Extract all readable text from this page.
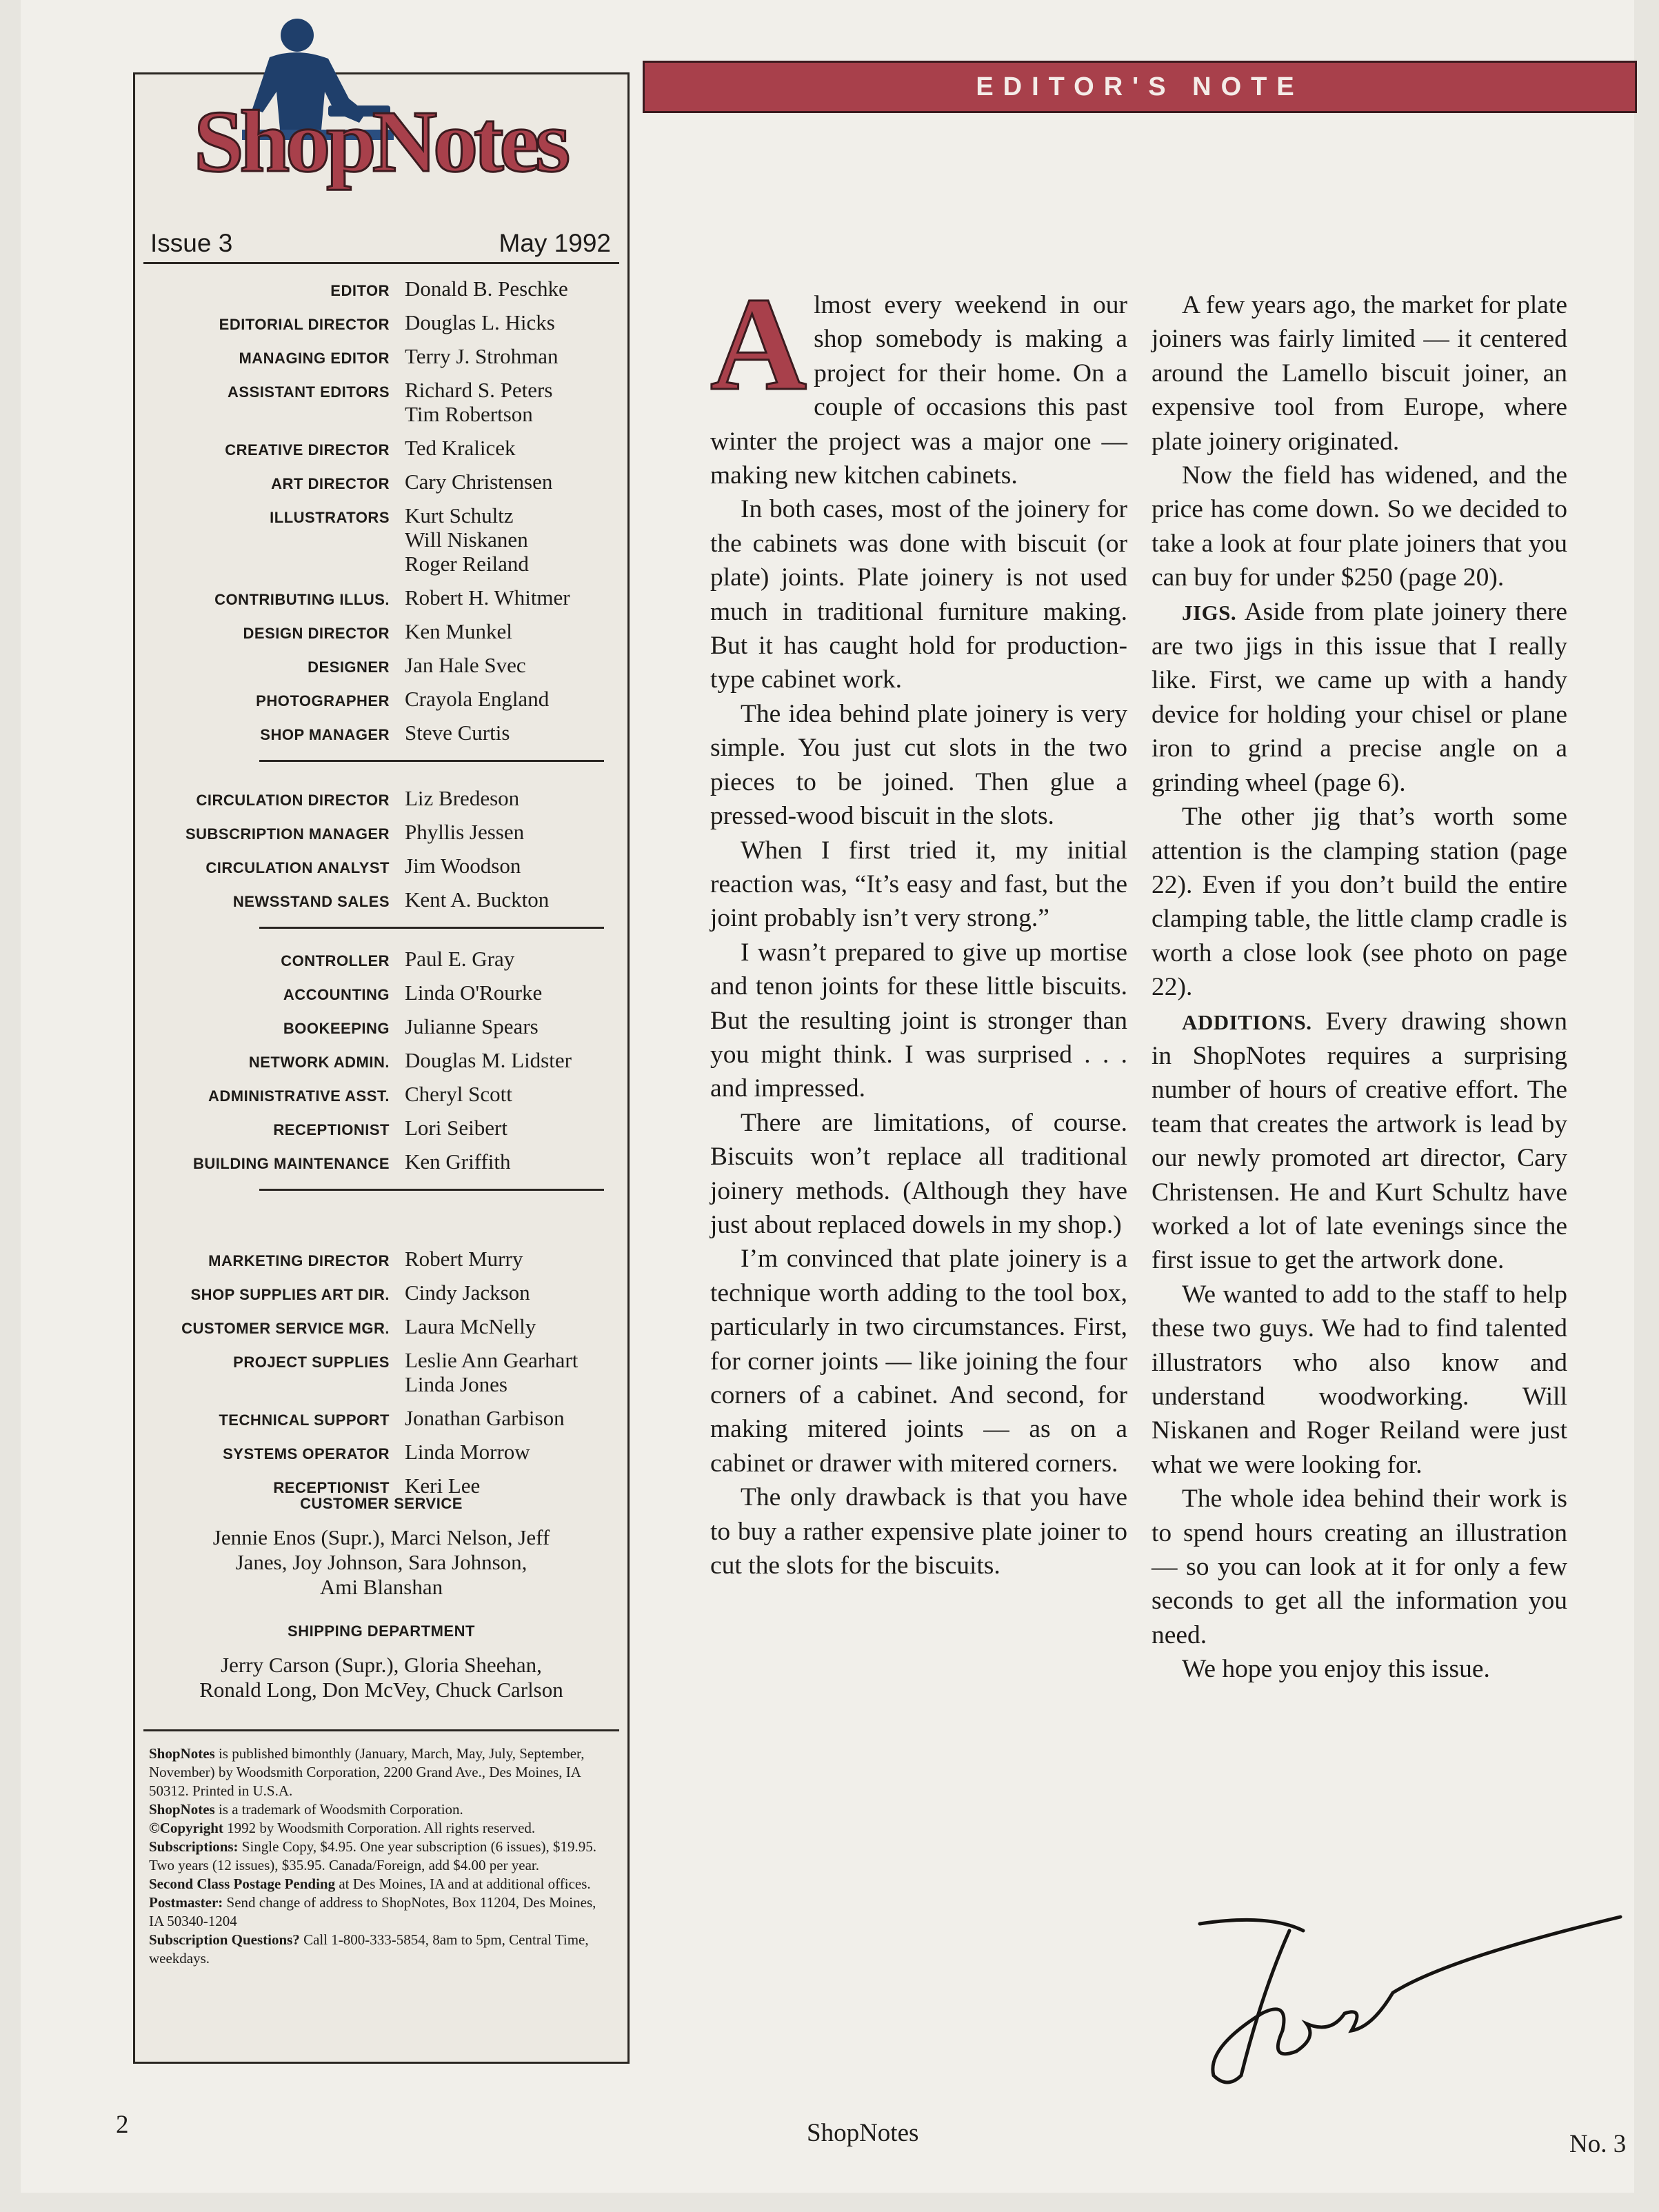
ShopNotes
Issue 3	May 1992
EDITOR Donald B. Peschke
EDITORIAL DIRECTOR Douglas L. Hicks
MANAGING EDITOR Terry J. Strohman
ASSISTANT EDITORS Richard S. Peters
Tim Robertson
CREATIVE DIRECTOR Ted Kralicek
ART DIRECTOR Cary Christensen
ILLUSTRATORS Kurt Schultz
Will Niskanen
Roger Reiland
CONTRIBUTING ILLUS. Robert H. Whitmer
DESIGN DIRECTOR Ken Munkel
DESIGNER Jan Hale Svec
PHOTOGRAPHER Crayola England
SHOP MANAGER Steve Curtis
CIRCULATION DIRECTOR Liz Bredeson
SUBSCRIPTION MANAGER Phyllis Jessen
CIRCULATION ANALYST Jim Woodson
NEWSSTAND SALES Kent A. Buckton
CONTROLLER Paul E. Gray
ACCOUNTING Linda O'Rourke
BOOKEEPING Julianne Spears
NETWORK ADMIN. Douglas M. Lidster
ADMINISTRATIVE ASST. Cheryl Scott
RECEPTIONIST Lori Seibert
BUILDING MAINTENANCE Ken Griffith
MARKETING DIRECTOR Robert Murry
SHOP SUPPLIES ART DIR. Cindy Jackson
CUSTOMER SERVICE MGR. Laura McNelly
PROJECT SUPPLIES Leslie Ann Gearhart
Linda Jones
TECHNICAL SUPPORT Jonathan Garbison
SYSTEMS OPERATOR Linda Morrow
RECEPTIONIST Keri Lee
CUSTOMER SERVICE
Jennie Enos (Supr.), Marci Nelson, Jeff
Janes, Joy Johnson, Sara Johnson,
Ami Blanshan
SHIPPING DEPARTMENT
Jerry Carson (Supr.), Gloria Sheehan,
Ronald Long, Don McVey, Chuck Carlson
ShopNotes is published bimonthly (January, March, May, July, September, November) by Woodsmith Corporation, 2200 Grand Ave., Des Moines, IA 50312. Printed in U.S.A.
ShopNotes is a trademark of Woodsmith Corporation.
©Copyright 1992 by Woodsmith Corporation. All rights reserved.
Subscriptions: Single Copy, $4.95. One year subscription (6 issues), $19.95. Two years (12 issues), $35.95. Canada/Foreign, add $4.00 per year.
Second Class Postage Pending at Des Moines, IA and at additional offices.
Postmaster: Send change of address to ShopNotes, Box 11204, Des Moines, IA 50340-1204
Subscription Questions? Call 1-800-333-5854, 8am to 5pm, Central Time, weekdays.
EDITOR'S NOTE

Almost every weekend in our shop somebody is making a project for their home. On a couple of occasions this past winter the project was a major one — making new kitchen cabinets.

In both cases, most of the joinery for the cabinets was done with biscuit (or plate) joints. Plate joinery is not used much in traditional furniture making. But it has caught hold for production-type cabinet work.

The idea behind plate joinery is very simple. You just cut slots in the two pieces to be joined. Then glue a pressed-wood biscuit in the slots.

When I first tried it, my initial reaction was, “It’s easy and fast, but the joint probably isn’t very strong.”

I wasn’t prepared to give up mortise and tenon joints for these little biscuits. But the resulting joint is stronger than you might think. I was surprised . . . and impressed.

There are limitations, of course. Biscuits won’t replace all traditional joinery methods. (Although they have just about replaced dowels in my shop.)

I’m convinced that plate joinery is a technique worth adding to the tool box, particularly in two circumstances. First, for corner joints — like joining the four corners of a cabinet. And second, for making mitered joints — as on a cabinet or drawer with mitered corners.

The only drawback is that you have to buy a rather expensive plate joiner to cut the slots for the biscuits.

A few years ago, the market for plate joiners was fairly limited — it centered around the Lamello biscuit joiner, an expensive tool from Europe, where plate joinery originated.

Now the field has widened, and the price has come down. So we decided to take a look at four plate joiners that you can buy for under $250 (page 20).

JIGS. Aside from plate joinery there are two jigs in this issue that I really like. First, we came up with a handy device for holding your chisel or plane iron to grind a precise angle on a grinding wheel (page 6).

The other jig that’s worth some attention is the clamping station (page 22). Even if you don’t build the entire clamping table, the little clamp cradle is worth a close look (see photo on page 22).

ADDITIONS. Every drawing shown in ShopNotes requires a surprising number of hours of creative effort. The team that creates the artwork is lead by our newly promoted art director, Cary Christensen. He and Kurt Schultz have worked a lot of late evenings since the first issue to get the artwork done.

We wanted to add to the staff to help these two guys. We had to find talented illustrators who also know and understand woodworking. Will Niskanen and Roger Reiland were just what we were looking for.

The whole idea behind their work is to spend hours creating an illustration — so you can look at it for only a few seconds to get all the information you need.

We hope you enjoy this issue.

2	ShopNotes	No. 3
